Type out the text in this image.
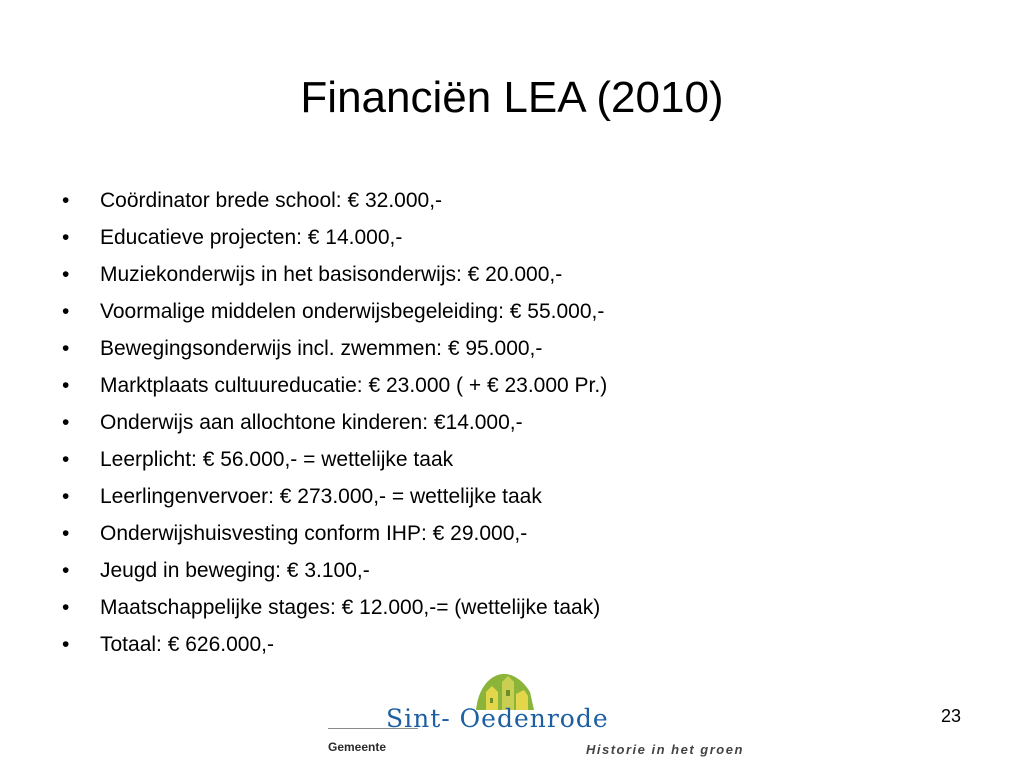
Financiën LEA (2010)
•	Coördinator brede school: € 32.000,-
•	Educatieve projecten: € 14.000,-
•	Muziekonderwijs in het basisonderwijs: € 20.000,-
•	Voormalige middelen onderwijsbegeleiding: € 55.000,-
•	Bewegingsonderwijs incl. zwemmen: € 95.000,-
•	Marktplaats cultuureducatie: € 23.000 ( + € 23.000 Pr.)
•	Onderwijs aan allochtone kinderen: €14.000,-
•	Leerplicht: € 56.000,- = wettelijke taak
•	Leerlingenvervoer: € 273.000,- = wettelijke taak
•	Onderwijshuisvesting conform IHP: € 29.000,-
•	Jeugd in beweging: € 3.100,-
•	Maatschappelijke stages: € 12.000,-= (wettelijke taak)
•	Totaal: € 626.000,-
23
Sint- Oedenrode
Gemeente	Historie in het groen
